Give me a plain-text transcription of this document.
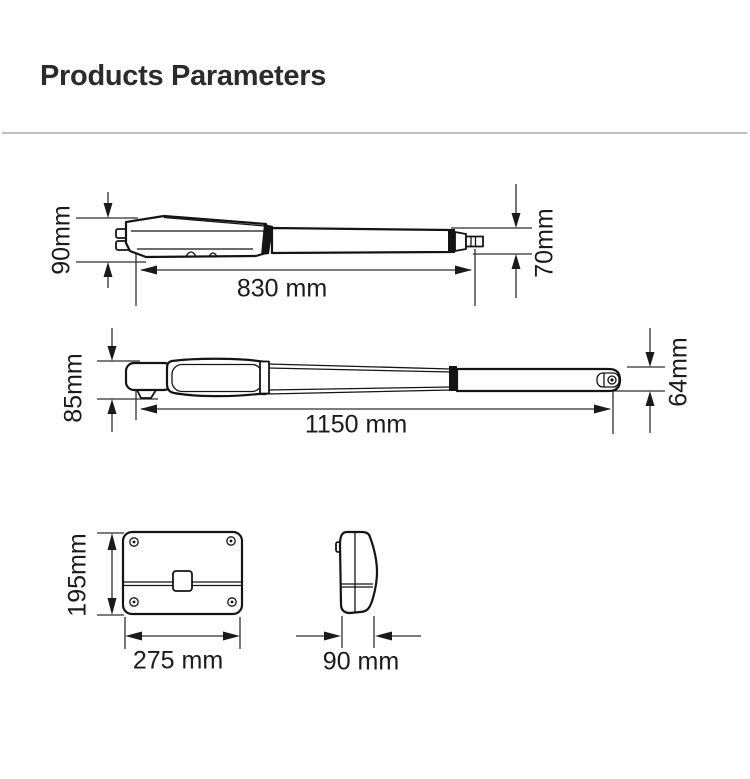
Products Parameters
90mm
830 mm
70mm
85mm
1150 mm
64mm
195mm
275 mm	90 mm
